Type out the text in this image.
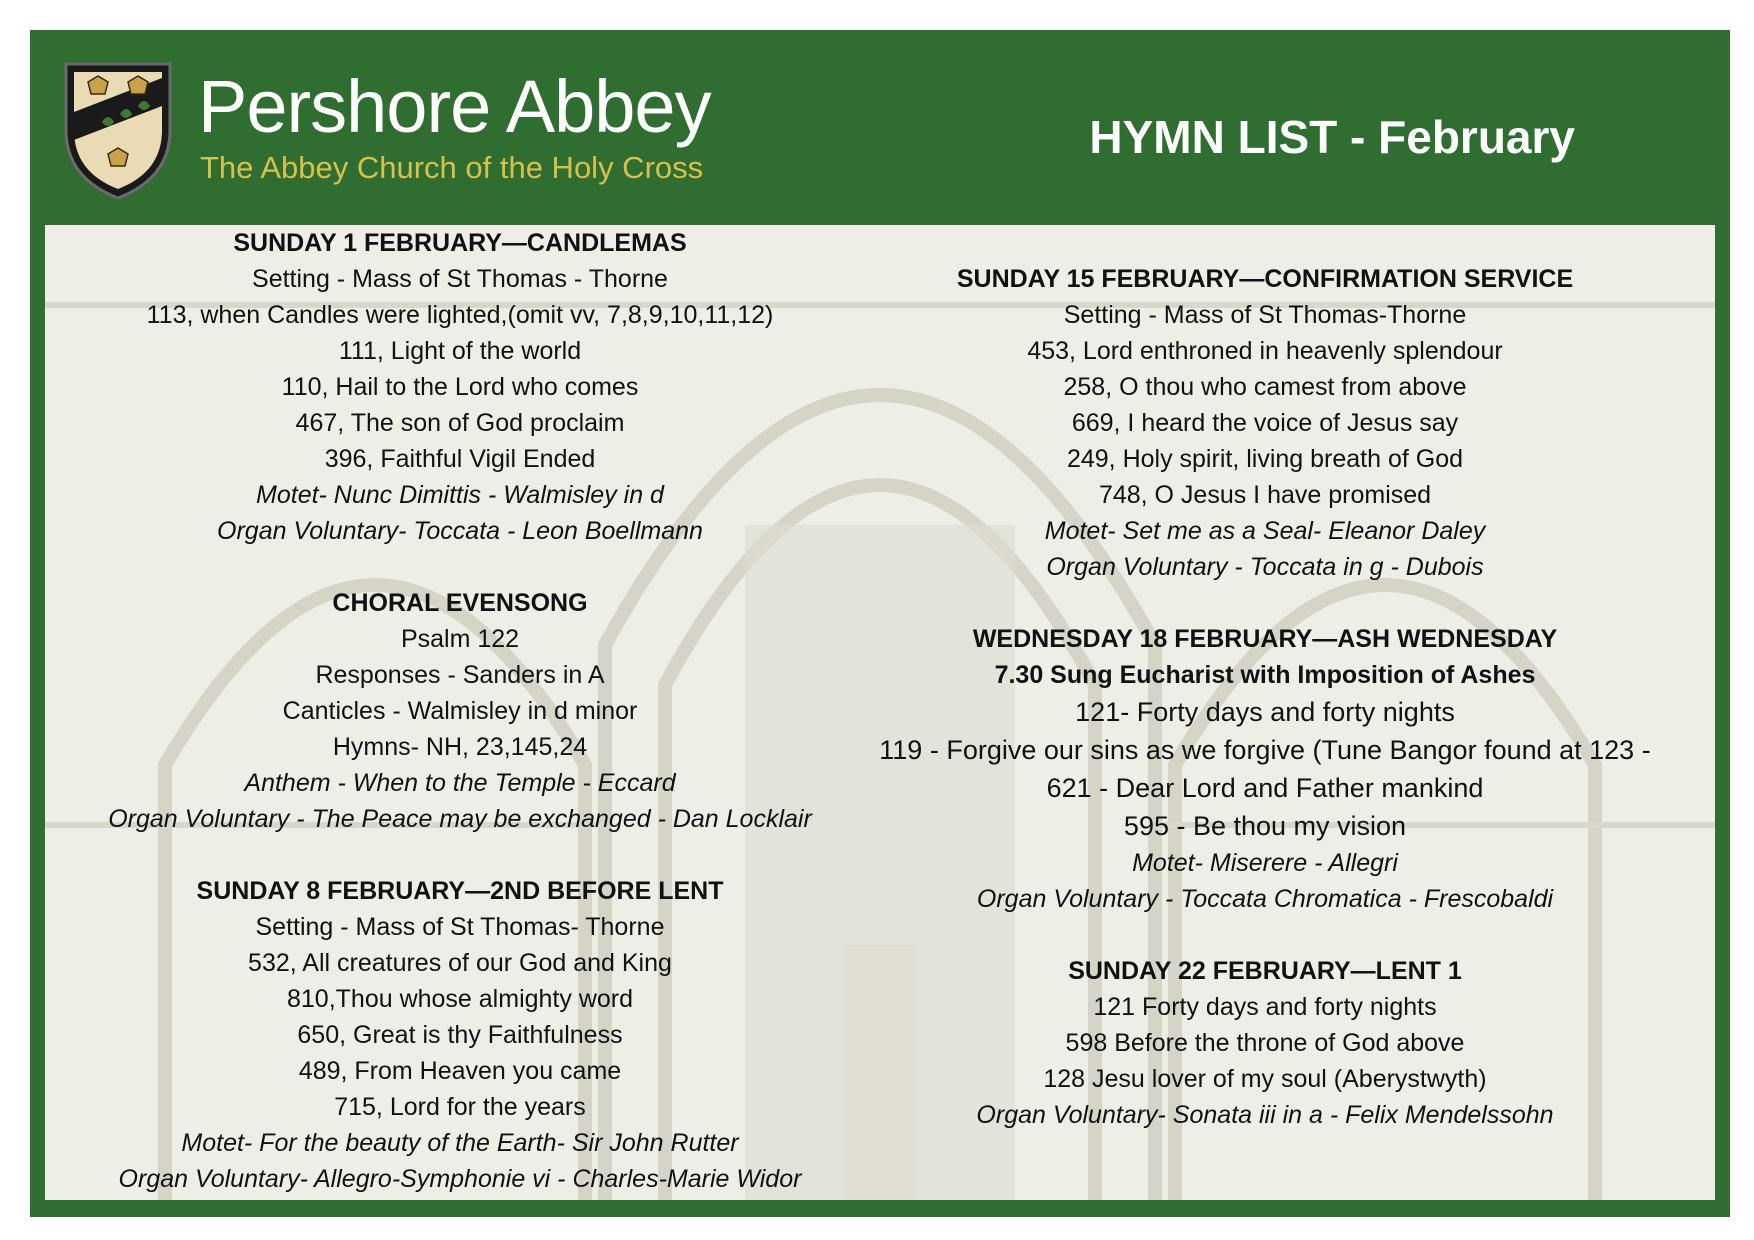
Pershore Abbey
The Abbey Church of the Holy Cross
HYMN LIST - February
SUNDAY 1 FEBRUARY—CANDLEMAS
Setting - Mass of St Thomas - Thorne
113, when Candles were lighted,(omit vv, 7,8,9,10,11,12)
111, Light of the world
110, Hail to the Lord who comes
467, The son of God proclaim
396, Faithful Vigil Ended
Motet- Nunc Dimittis - Walmisley in d
Organ Voluntary- Toccata - Leon Boellmann
CHORAL EVENSONG
Psalm 122
Responses - Sanders in A
Canticles - Walmisley in d minor
Hymns- NH, 23,145,24
Anthem - When to the Temple - Eccard
Organ Voluntary - The Peace may be exchanged - Dan Locklair
SUNDAY 8 FEBRUARY—2ND BEFORE LENT
Setting - Mass of St Thomas- Thorne
532, All creatures of our God and King
810,Thou whose almighty word
650, Great is thy Faithfulness
489, From Heaven you came
715, Lord for the years
Motet- For the beauty of the Earth- Sir John Rutter
Organ Voluntary- Allegro-Symphonie vi - Charles-Marie Widor
SUNDAY 15 FEBRUARY—CONFIRMATION SERVICE
Setting - Mass of St Thomas-Thorne
453, Lord enthroned in heavenly splendour
258, O thou who camest from above
669, I heard the voice of Jesus say
249, Holy spirit, living breath of God
748, O Jesus I have promised
Motet- Set me as a Seal- Eleanor Daley
Organ Voluntary - Toccata in g - Dubois
WEDNESDAY 18 FEBRUARY—ASH WEDNESDAY
7.30 Sung Eucharist with Imposition of Ashes
121- Forty days and forty nights
119 - Forgive our sins as we forgive (Tune Bangor found at 123 -
621 - Dear Lord and Father mankind
595 - Be thou my vision
Motet- Miserere - Allegri
Organ Voluntary - Toccata Chromatica - Frescobaldi
SUNDAY 22 FEBRUARY—LENT 1
121 Forty days and forty nights
598 Before the throne of God above
128 Jesu lover of my soul (Aberystwyth)
Organ Voluntary- Sonata iii in a - Felix Mendelssohn
